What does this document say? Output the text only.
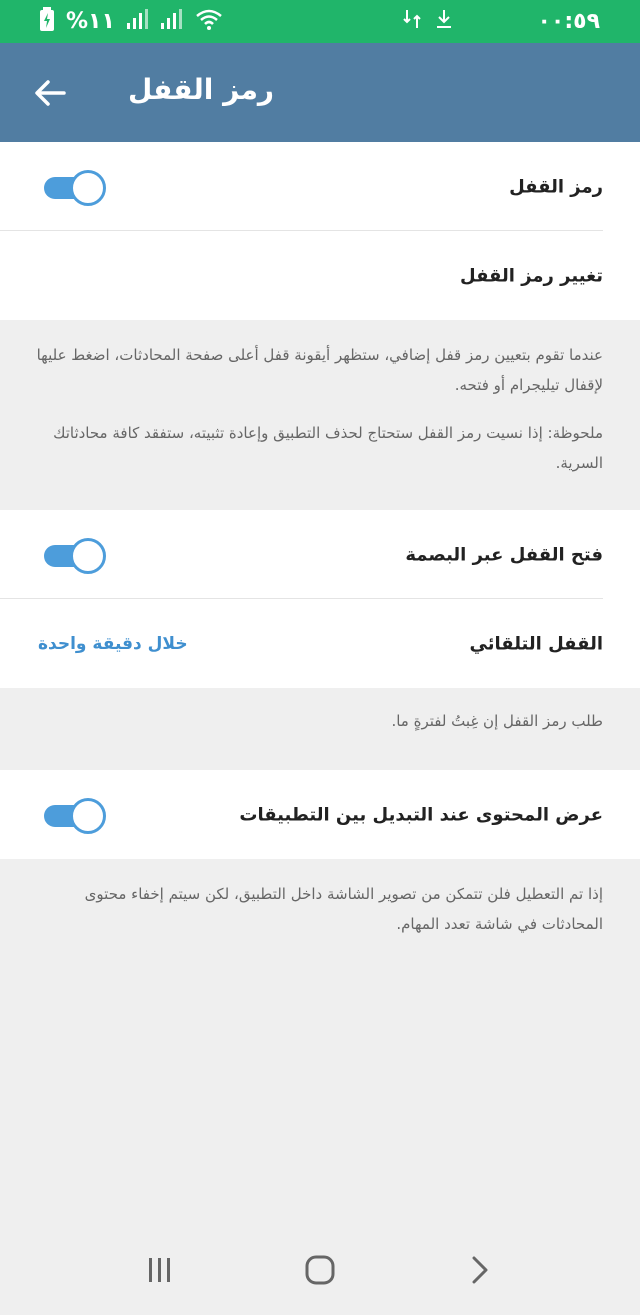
%١١	٠٠:٥٩
رمز القفل
رمز القفل
تغيير رمز القفل

عندما تقوم بتعيين رمز قفل إضافي، ستظهر أيقونة قفل أعلى صفحة المحادثات، اضغط عليها لإقفال تيليجرام أو فتحه.

ملحوظة: إذا نسيت رمز القفل ستحتاج لحذف التطبيق وإعادة تثبيته، ستفقد كافة محادثاتك السرية.

فتح القفل عبر البصمة
القفل التلقائي
خلال دقيقة واحدة

طلب رمز القفل إن غِبتُ لفترةٍ ما.

عرض المحتوى عند التبديل بين التطبيقات

إذا تم التعطيل فلن تتمكن من تصوير الشاشة داخل التطبيق، لكن سيتم إخفاء محتوى المحادثات في شاشة تعدد المهام.
